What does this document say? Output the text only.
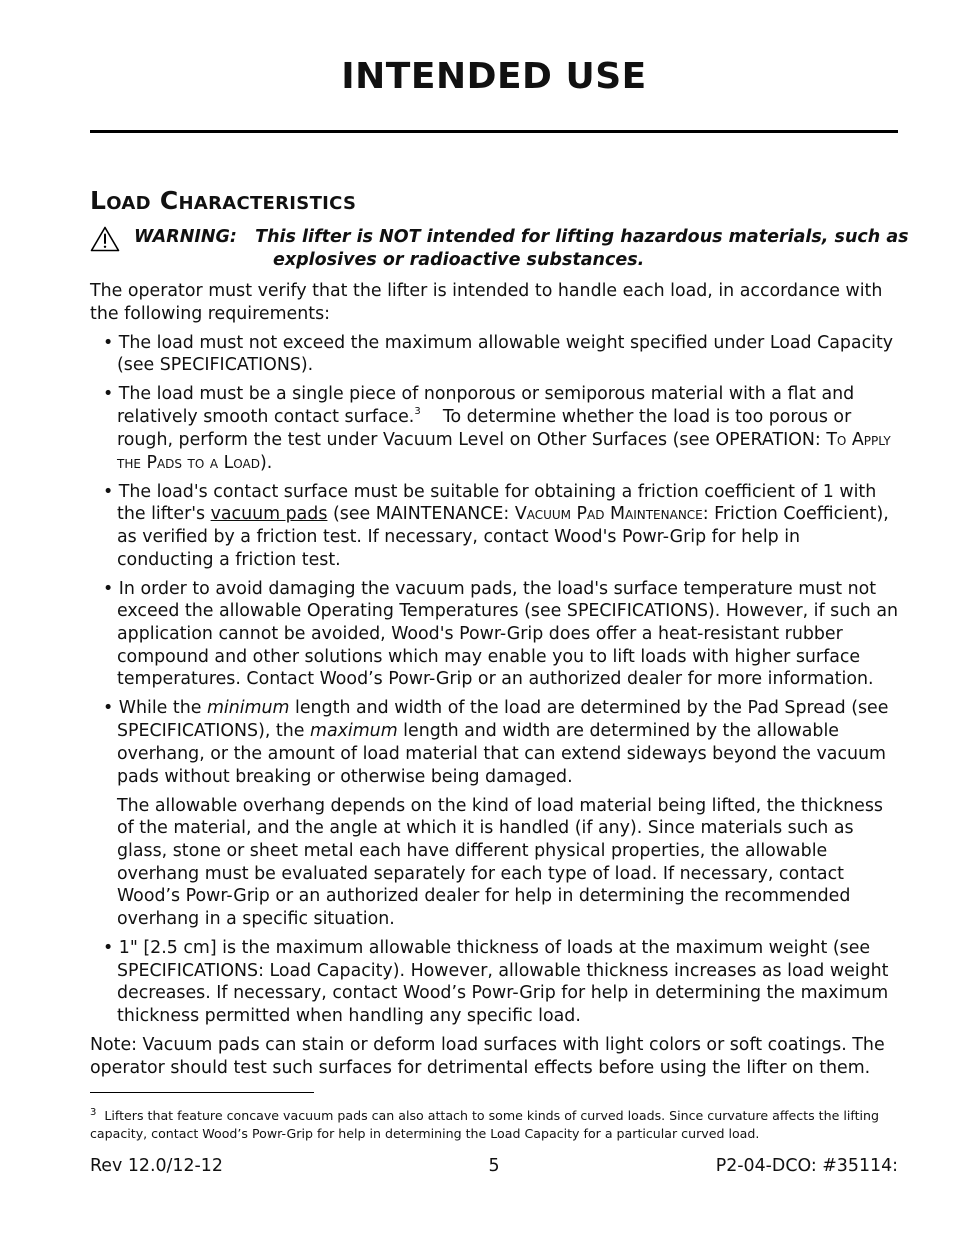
INTENDED USE
Load Characteristics
WARNING: This lifter is NOT intended for lifting hazardous materials, such as
explosives or radioactive substances.

The operator must verify that the lifter is intended to handle each load, in accordance with the following requirements:

• The load must not exceed the maximum allowable weight specified under Load Capacity (see SPECIFICATIONS).

• The load must be a single piece of nonporous or semiporous material with a flat and relatively smooth contact surface.$^3$ To determine whether the load is too porous or rough, perform the test under Vacuum Level on Other Surfaces (see OPERATION: To Apply the Pads to a Load).

• The load's contact surface must be suitable for obtaining a friction coefficient of 1 with the lifter's vacuum pads (see MAINTENANCE: Vacuum Pad Maintenance: Friction Coefficient), as verified by a friction test. If necessary, contact Wood's Powr-Grip for help in conducting a friction test.

• In order to avoid damaging the vacuum pads, the load's surface temperature must not exceed the allowable Operating Temperatures (see SPECIFICATIONS). However, if such an application cannot be avoided, Wood's Powr-Grip does offer a heat-resistant rubber compound and other solutions which may enable you to lift loads with higher surface temperatures. Contact Wood’s Powr-Grip or an authorized dealer for more information.

• While the minimum length and width of the load are determined by the Pad Spread (see SPECIFICATIONS), the maximum length and width are determined by the allowable overhang, or the amount of load material that can extend sideways beyond the vacuum pads without breaking or otherwise being damaged.

The allowable overhang depends on the kind of load material being lifted, the thickness of the material, and the angle at which it is handled (if any). Since materials such as glass, stone or sheet metal each have different physical properties, the allowable overhang must be evaluated separately for each type of load. If necessary, contact Wood’s Powr-Grip or an authorized dealer for help in determining the recommended overhang in a specific situation.

• 1" [2.5 cm] is the maximum allowable thickness of loads at the maximum weight (see SPECIFICATIONS: Load Capacity). However, allowable thickness increases as load weight decreases. If necessary, contact Wood’s Powr-Grip for help in determining the maximum thickness permitted when handling any specific load.

Note: Vacuum pads can stain or deform load surfaces with light colors or soft coatings. The operator should test such surfaces for detrimental effects before using the lifter on them.

$^3$ Lifters that feature concave vacuum pads can also attach to some kinds of curved loads. Since curvature affects the lifting capacity, contact Wood’s Powr-Grip for help in determining the Load Capacity for a particular curved load.
Rev 12.0/12-12	5	P2-04-DCO: #35114:
